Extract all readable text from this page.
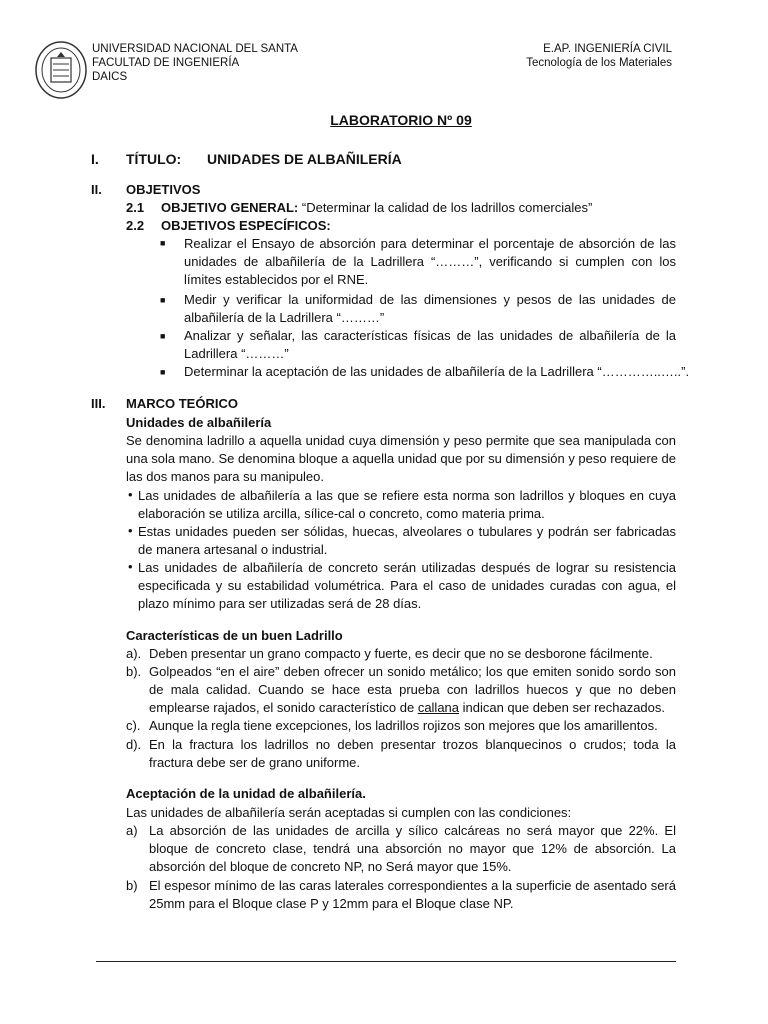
UNIVERSIDAD NACIONAL DEL SANTA
FACULTAD DE INGENIERÍA
DAICS
E.AP. INGENIERÍA CIVIL
Tecnología de los Materiales
LABORATORIO Nº 09
I. TÍTULO: UNIDADES DE ALBAÑILERÍA
II. OBJETIVOS
2.1 OBJETIVO GENERAL: “Determinar la calidad de los ladrillos comerciales”
2.2 OBJETIVOS ESPECÍFICOS:
■ Realizar el Ensayo de absorción para determinar el porcentaje de absorción de las unidades de albañilería de la Ladrillera “………”, verificando si cumplen con los límites establecidos por el RNE.
■ Medir y verificar la uniformidad de las dimensiones y pesos de las unidades de albañilería de la Ladrillera “………”
■ Analizar y señalar, las características físicas de las unidades de albañilería de la Ladrillera “………”
■ Determinar la aceptación de las unidades de albañilería de la Ladrillera “…………..…..”.
III. MARCO TEÓRICO
Unidades de albañilería
Se denomina ladrillo a aquella unidad cuya dimensión y peso permite que sea manipulada con una sola mano. Se denomina bloque a aquella unidad que por su dimensión y peso requiere de las dos manos para su manipuleo.
• Las unidades de albañilería a las que se refiere esta norma son ladrillos y bloques en cuya elaboración se utiliza arcilla, sílice-cal o concreto, como materia prima.
• Estas unidades pueden ser sólidas, huecas, alveolares o tubulares y podrán ser fabricadas de manera artesanal o industrial.
• Las unidades de albañilería de concreto serán utilizadas después de lograr su resistencia especificada y su estabilidad volumétrica. Para el caso de unidades curadas con agua, el plazo mínimo para ser utilizadas será de 28 días.
Características de un buen Ladrillo
a). Deben presentar un grano compacto y fuerte, es decir que no se desborone fácilmente.
b). Golpeados “en el aire” deben ofrecer un sonido metálico; los que emiten sonido sordo son de mala calidad. Cuando se hace esta prueba con ladrillos huecos y que no deben emplearse rajados, el sonido característico de callana indican que deben ser rechazados.
c). Aunque la regla tiene excepciones, los ladrillos rojizos son mejores que los amarillentos.
d). En la fractura los ladrillos no deben presentar trozos blanquecinos o crudos; toda la fractura debe ser de grano uniforme.
Aceptación de la unidad de albañilería.
Las unidades de albañilería serán aceptadas si cumplen con las condiciones:
a) La absorción de las unidades de arcilla y sílico calcáreas no será mayor que 22%. El bloque de concreto clase, tendrá una absorción no mayor que 12% de absorción. La absorción del bloque de concreto NP, no Será mayor que 15%.
b) El espesor mínimo de las caras laterales correspondientes a la superficie de asentado será 25mm para el Bloque clase P y 12mm para el Bloque clase NP.
